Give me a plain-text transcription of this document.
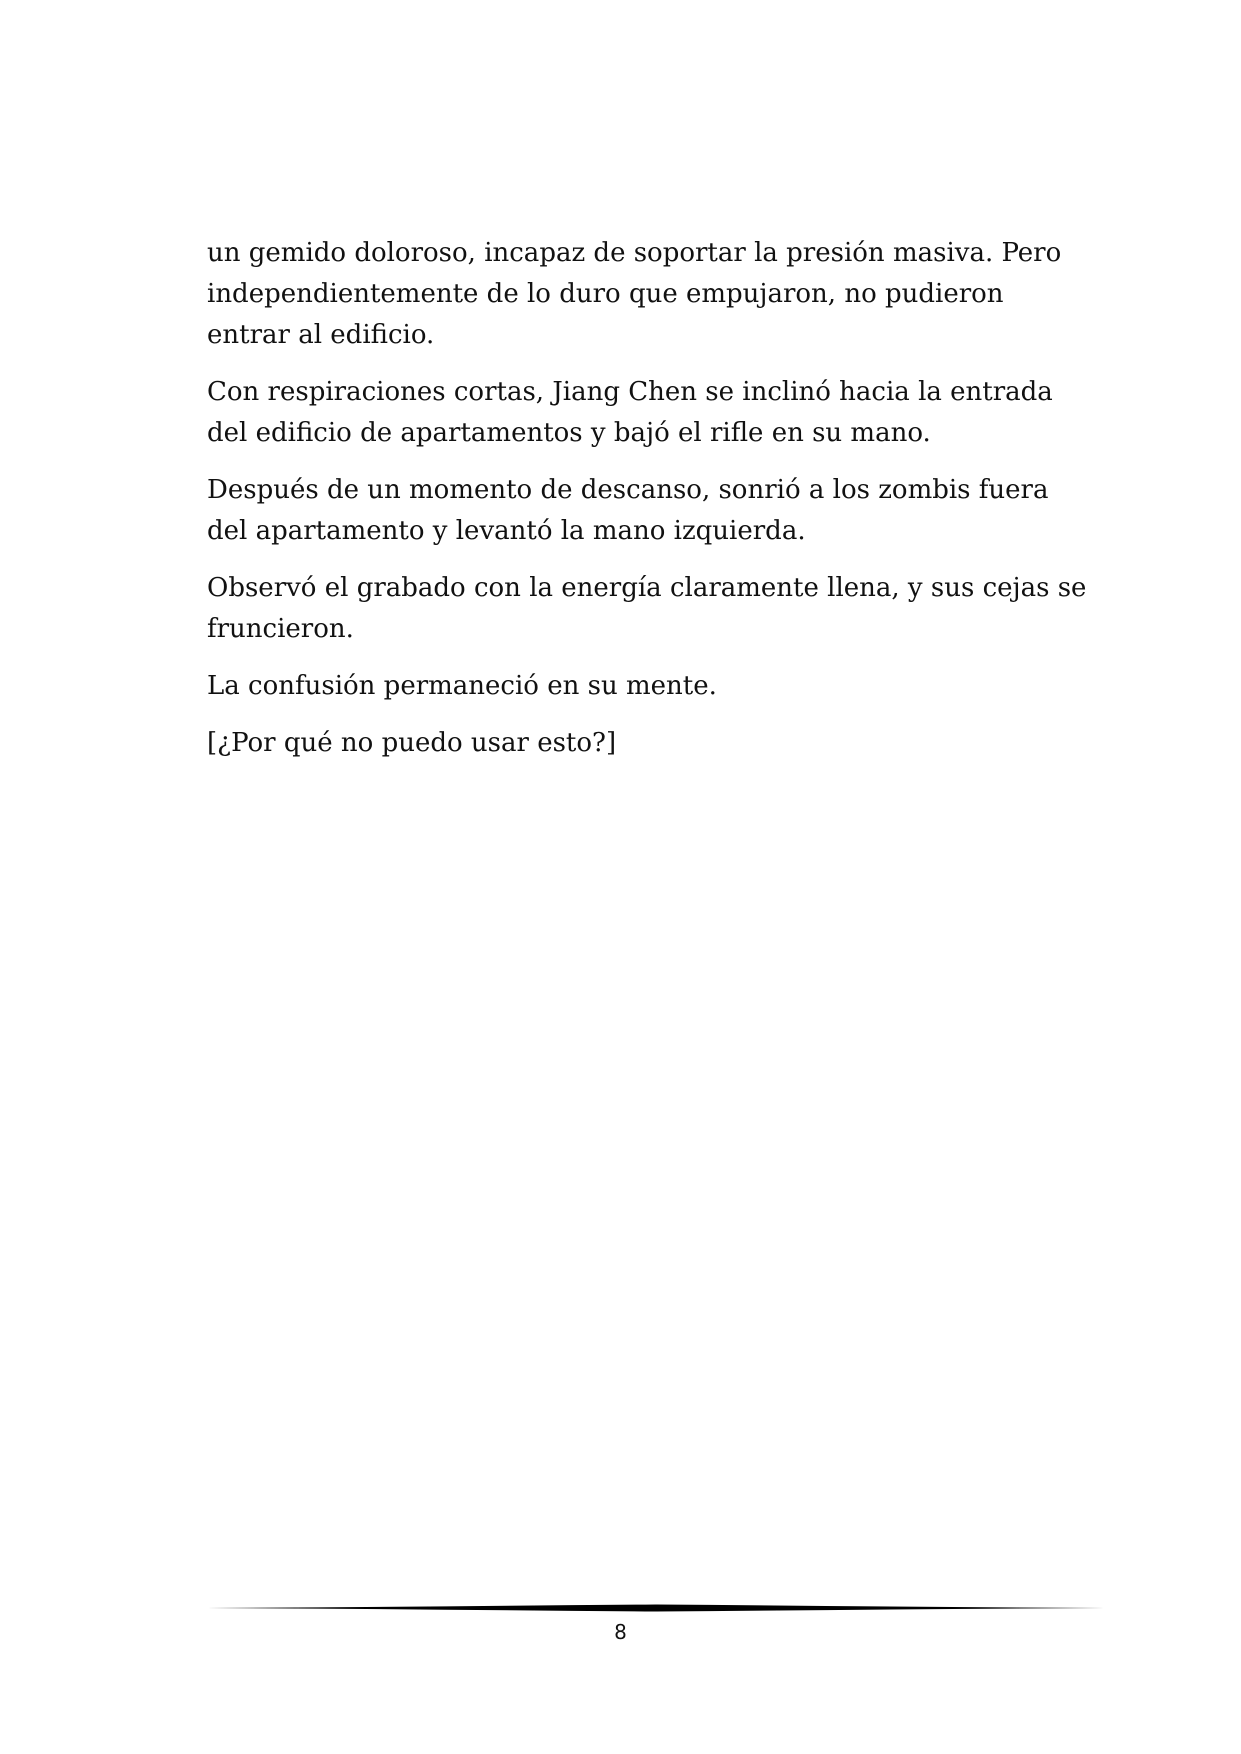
un gemido doloroso, incapaz de soportar la presión masiva. Pero independientemente de lo duro que empujaron, no pudieron entrar al edificio.

Con respiraciones cortas, Jiang Chen se inclinó hacia la entrada del edificio de apartamentos y bajó el rifle en su mano.

Después de un momento de descanso, sonrió a los zombis fuera del apartamento y levantó la mano izquierda.

Observó el grabado con la energía claramente llena, y sus cejas se fruncieron.

La confusión permaneció en su mente.

[¿Por qué no puedo usar esto?]

8
